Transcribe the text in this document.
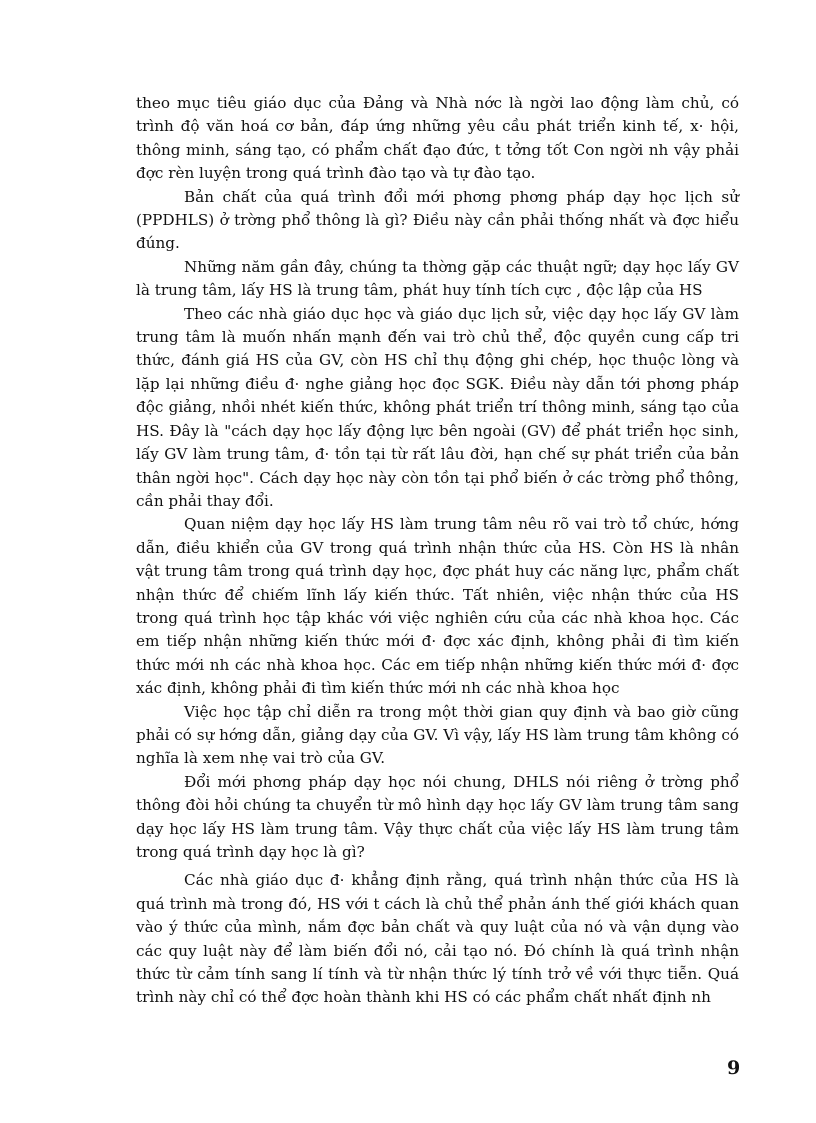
theo mục tiêu giáo dục của Đảng và Nhà nớc là ngời lao động làm chủ, có trình độ văn hoá cơ bản, đáp ứng những yêu cầu phát triển kinh tế, x· hội, thông minh, sáng tạo, có phẩm chất đạo đức, t tởng tốt Con ngời nh vậy phải đợc rèn luyện trong quá trình đào tạo và tự đào tạo.

Bản chất của quá trình đổi mới phơng phơng pháp dạy học lịch sử (PPDHLS) ở trờng phổ thông là gì? Điều này cần phải thống nhất và đợc hiểu đúng.

Những năm gần đây, chúng ta thờng gặp các thuật ngữ; dạy học lấy GV là trung tâm, lấy HS là trung tâm, phát huy tính tích cực , độc lập của HS

Theo các nhà giáo dục học và giáo dục lịch sử, việc dạy học lấy GV làm trung tâm là muốn nhấn mạnh đến vai trò chủ thể, độc quyền cung cấp tri thức, đánh giá HS của GV, còn HS chỉ thụ động ghi chép, học thuộc lòng và lặp lại những điều đ· nghe giảng học đọc SGK. Điều này dẫn tới phơng pháp độc giảng, nhồi nhét kiến thức, không phát triển trí thông minh, sáng tạo của HS. Đây là "cách dạy học lấy động lực bên ngoài (GV) để phát triển học sinh, lấy GV làm trung tâm, đ· tồn tại từ rất lâu đời, hạn chế sự phát triển của bản thân ngời học". Cách dạy học này còn tồn tại phổ biến ở các trờng phổ thông, cần phải thay đổi.

Quan niệm dạy học lấy HS làm trung tâm nêu rõ vai trò tổ chức, hớng dẫn, điều khiển của GV trong quá trình nhận thức của HS. Còn HS là nhân vật trung tâm trong quá trình dạy học, đợc phát huy các năng lực, phẩm chất nhận thức để chiếm lĩnh lấy kiến thức. Tất nhiên, việc nhận thức của HS trong quá trình học tập khác với việc nghiên cứu của các nhà khoa học. Các em tiếp nhận những kiến thức mới đ· đợc xác định, không phải đi tìm kiến thức mới nh các nhà khoa học. Các em tiếp nhận những kiến thức mới đ· đợc xác định, không phải đi tìm kiến thức mới nh các nhà khoa học

Việc học tập chỉ diễn ra trong một thời gian quy định và bao giờ cũng phải có sự hớng dẫn, giảng dạy của GV. Vì vậy, lấy HS làm trung tâm không có nghĩa là xem nhẹ vai trò của GV.

Đổi mới phơng pháp dạy học nói chung, DHLS nói riêng ở trờng phổ thông đòi hỏi chúng ta chuyển từ mô hình dạy học lấy GV làm trung tâm sang dạy học lấy HS làm trung tâm. Vậy thực chất của việc lấy HS làm trung tâm trong quá trình dạy học là gì?

Các nhà giáo dục đ· khẳng định rằng, quá trình nhận thức của HS là quá trình mà trong đó, HS với t cách là chủ thể phản ánh thế giới khách quan vào ý thức của mình, nắm đợc bản chất và quy luật của nó và vận dụng vào các quy luật này để làm biến đổi nó, cải tạo nó. Đó chính là quá trình nhận thức từ cảm tính sang lí tính và từ nhận thức lý tính trở về với thực tiễn. Quá trình này chỉ có thể đợc hoàn thành khi HS có các phẩm chất nhất định nh

9
